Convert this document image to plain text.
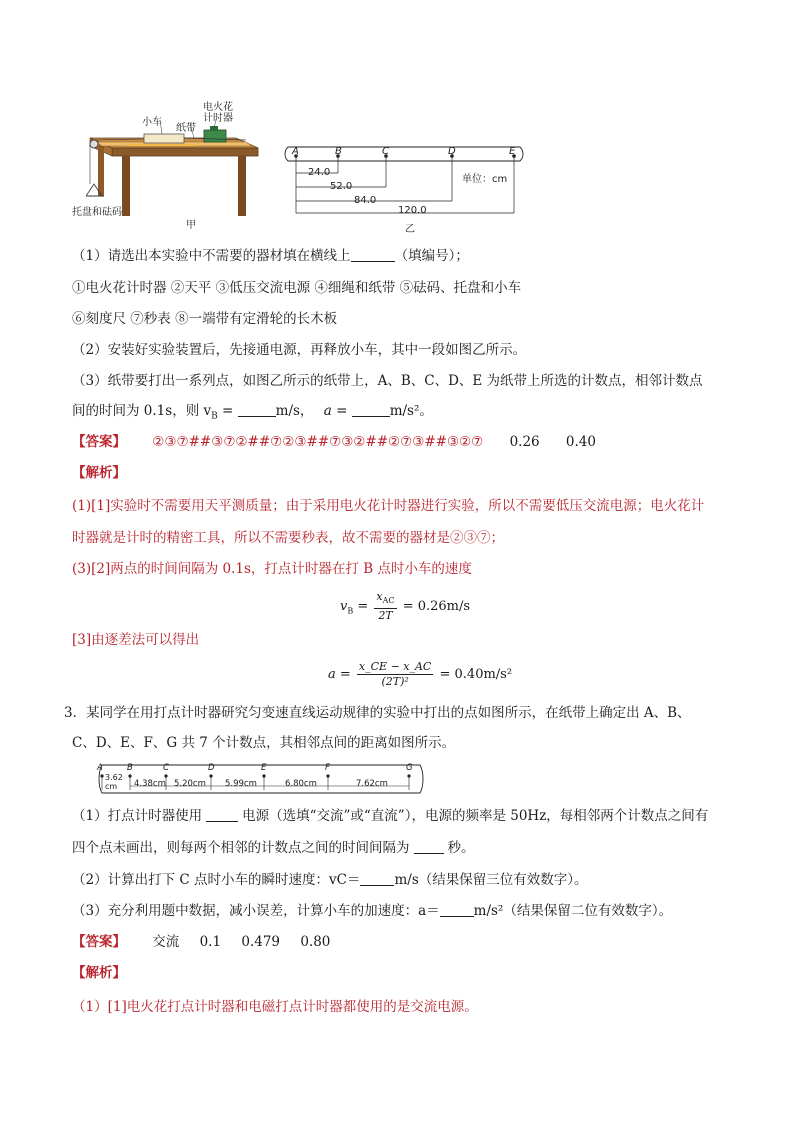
小车
纸带
电火花
计时器
托盘和砝码
甲
A	B	C	D	E
24.0
52.0
84.0
120.0
单位：cm
乙
（1）请选出本实验中不需要的器材填在横线上	（填编号）；
①电火花计时器 ②天平 ③低压交流电源 ④细绳和纸带 ⑤砝码、托盘和小车
⑥刻度尺 ⑦秒表 ⑧一端带有定滑轮的长木板
（2）安装好实验装置后，先接通电源，再释放小车，其中一段如图乙所示。
（3）纸带要打出一系列点，如图乙所示的纸带上，A、B、C、D、E 为纸带上所选的计数点，相邻计数点
间的时间为 0.1s，则 $v_B$ =	m/s， a =	m/s²。
【答案】 ②③⑦##③⑦②##⑦②③##⑦③②##②⑦③##③②⑦ 0.26 0.40
【解析】
(1)[1]实验时不需要用天平测质量；由于采用电火花计时器进行实验，所以不需要低压交流电源；电火花计
时器就是计时的精密工具，所以不需要秒表，故不需要的器材是②③⑦；
(3)[2]两点的时间间隔为 0.1s，打点计时器在打 B 点时小车的速度
$v_B = \frac{x_{AC}}{2T} = 0.26m/s$
[3]由逐差法可以得出
$a = \frac{x\_CE - x\_AC}{\text{(2T)²}} = 0.40m/s^2$
3．某同学在用打点计时器研究匀变速直线运动规律的实验中打出的点如图所示，在纸带上确定出 A、B、
C、D、E、F、G 共 7 个计数点，其相邻点间的距离如图所示。
A	B	C	D	E	F	G
3.62
cm	4.38cm 5.20cm 5.99cm	6.80cm	7.62cm
（1）打点计时器使用	电源（选填“交流”或“直流”），电源的频率是 50Hz，每相邻两个计数点之间有
四个点未画出，则每两个相邻的计数点之间的时间间隔为	秒。
（2）计算出打下 C 点时小车的瞬时速度：vC＝	m/s（结果保留三位有效数字）。
（3）充分利用题中数据，减小误差，计算小车的加速度：a＝	m/s²（结果保留二位有效数字）。
【答案】 交流 0.1 0.479 0.80
【解析】
（1）[1]电火花打点计时器和电磁打点计时器都使用的是交流电源。
